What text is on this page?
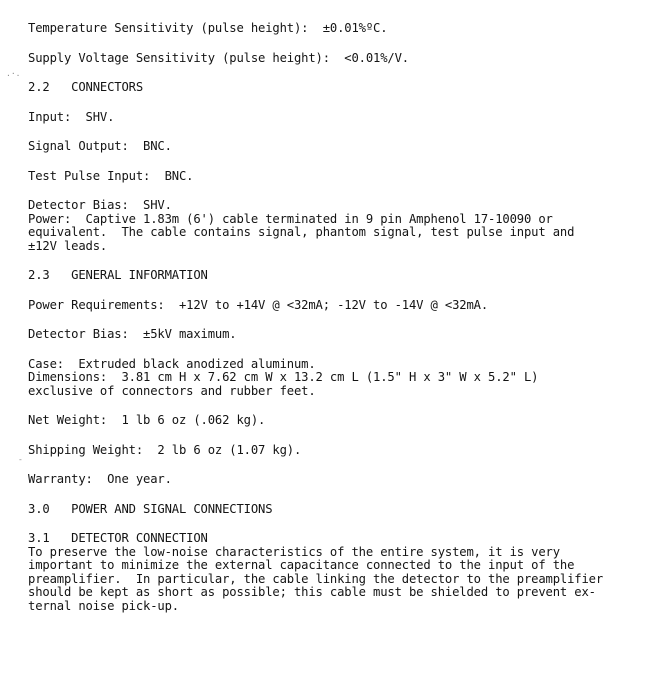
.·.
-

Temperature Sensitivity (pulse height):  ±0.01%ºC.

Supply Voltage Sensitivity (pulse height):  <0.01%/V.

2.2   CONNECTORS

Input:  SHV.

Signal Output:  BNC.

Test Pulse Input:  BNC.

Detector Bias:  SHV.

Power:  Captive 1.83m (6') cable terminated in 9 pin Amphenol 17-10090 or
equivalent.  The cable contains signal, phantom signal, test pulse input and
±12V leads.

2.3   GENERAL INFORMATION

Power Requirements:  +12V to +14V @ <32mA; -12V to -14V @ <32mA.

Detector Bias:  ±5kV maximum.

Case:  Extruded black anodized aluminum.

Dimensions:  3.81 cm H x 7.62 cm W x 13.2 cm L (1.5" H x 3" W x 5.2" L)
exclusive of connectors and rubber feet.

Net Weight:  1 lb 6 oz (.062 kg).

Shipping Weight:  2 lb 6 oz (1.07 kg).

Warranty:  One year.

3.0   POWER AND SIGNAL CONNECTIONS

3.1   DETECTOR CONNECTION

To preserve the low-noise characteristics of the entire system, it is very
important to minimize the external capacitance connected to the input of the
preamplifier.  In particular, the cable linking the detector to the preamplifier
should be kept as short as possible; this cable must be shielded to prevent ex-
ternal noise pick-up.
